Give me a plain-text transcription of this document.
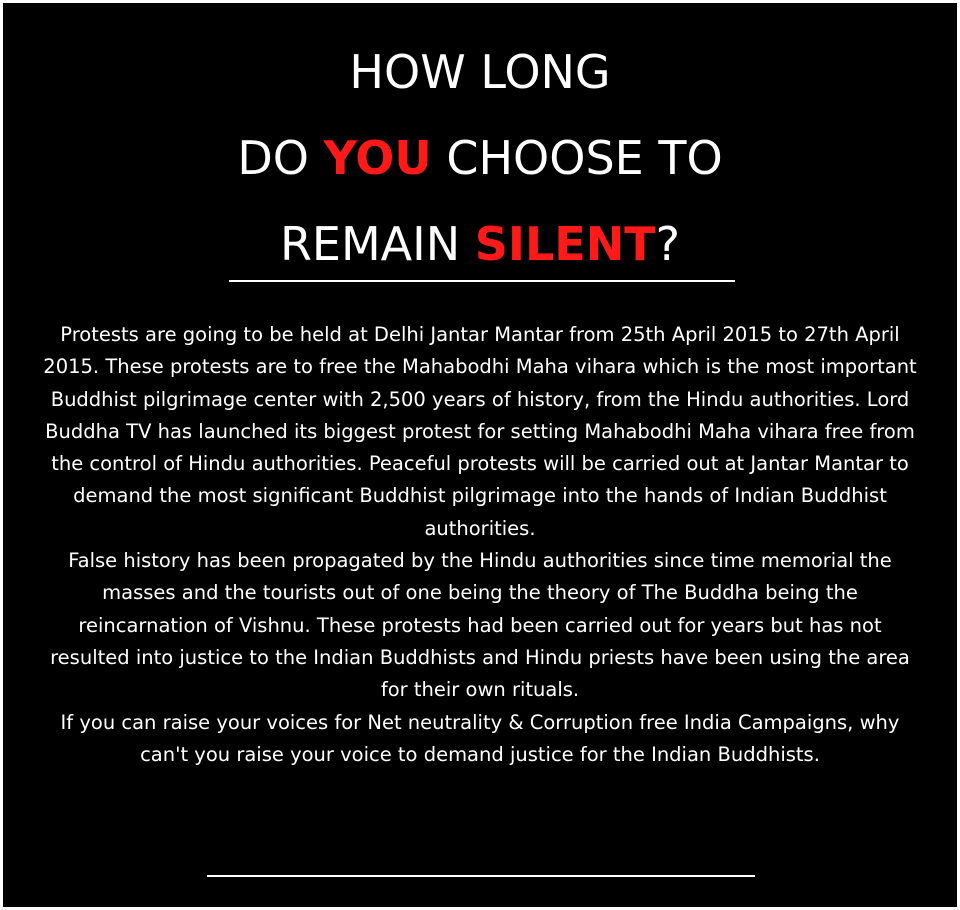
HOW LONG
DO YOU CHOOSE TO
REMAIN SILENT?

Protests are going to be held at Delhi Jantar Mantar from 25th April 2015 to 27th April 2015. These protests are to free the Mahabodhi Maha vihara which is the most important Buddhist pilgrimage center with 2,500 years of history, from the Hindu authorities. Lord Buddha TV has launched its biggest protest for setting Mahabodhi Maha vihara free from the control of Hindu authorities. Peaceful protests will be carried out at Jantar Mantar to demand the most significant Buddhist pilgrimage into the hands of Indian Buddhist authorities.

False history has been propagated by the Hindu authorities since time memorial the masses and the tourists out of one being the theory of The Buddha being the reincarnation of Vishnu. These protests had been carried out for years but has not resulted into justice to the Indian Buddhists and Hindu priests have been using the area for their own rituals.

If you can raise your voices for Net neutrality & Corruption free India Campaigns, why can't you raise your voice to demand justice for the Indian Buddhists.
